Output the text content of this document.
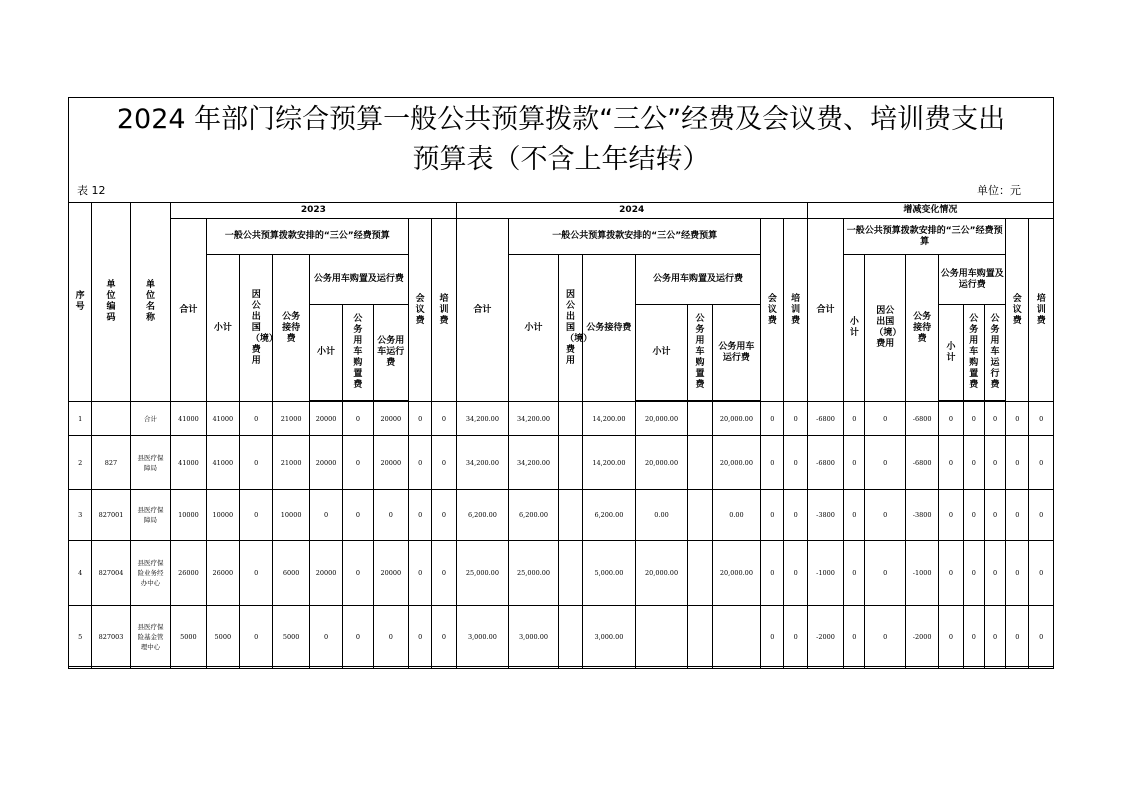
2024 年部门综合预算一般公共预算拨款“三公”经费及会议费、培训费支出
预算表（不含上年结转）
表 12	单位：元
序号	单位编码	单位名称	2023									2024									增减变化情况								
			合计	一般公共预算拨款安排的“三公”经费预算						会议费	培训费	合计	一般公共预算拨款安排的“三公”经费预算						会议费	培训费	合计	一般公共预算拨款安排的“三公”经费预算						会议费	培训费
				小计	因公出国（境）费用	公务接待费	公务用车购置及运行费						小计	因公出国（境）费用	公务接待费	公务用车购置及运行费						小计	因公出国（境）费用	公务接待费	公务用车购置及运行费				
							小计	公务用车购置费	公务用车运行费							小计	公务用车购置费	公务用车运行费							小计	公务用车购置费	公务用车运行费		

1		合计	41000	41000	0	21000	20000	0	20000	0	0	34,200.00	34,200.00		14,200.00	20,000.00		20,000.00	0	0	-6800	0	0	-6800	0	0	0	0	0
2	827	县医疗保障局	41000	41000	0	21000	20000	0	20000	0	0	34,200.00	34,200.00		14,200.00	20,000.00		20,000.00	0	0	-6800	0	0	-6800	0	0	0	0	0
3	827001	县医疗保障局	10000	10000	0	10000	0	0	0	0	0	6,200.00	6,200.00		6,200.00	0.00		0.00	0	0	-3800	0	0	-3800	0	0	0	0	0
4	827004	县医疗保险业务经办中心	26000	26000	0	6000	20000	0	20000	0	0	25,000.00	25,000.00		5,000.00	20,000.00		20,000.00	0	0	-1000	0	0	-1000	0	0	0	0	0
5	827003	县医疗保险基金管理中心	5000	5000	0	5000	0	0	0	0	0	3,000.00	3,000.00		3,000.00				0	0	-2000	0	0	-2000	0	0	0	0	0
